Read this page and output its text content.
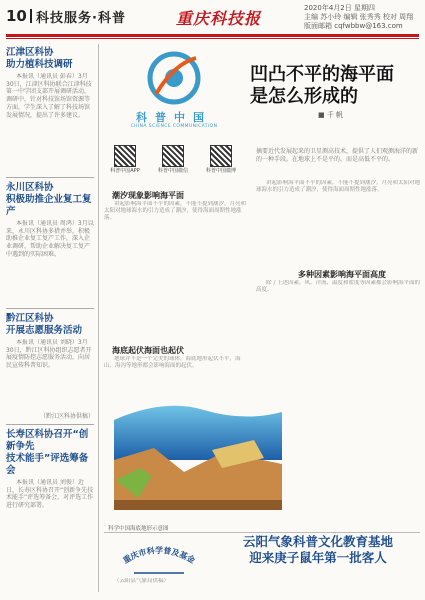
10 科技服务·科普	重庆科技报
2020年4月2日 星期四
主编 苏小玲 编辑 张秀秀 校对 周翔
版面邮箱 cqfwbbw@163.com
江津区科协
助力植科技调研
本报讯（通讯员 彭春）3月30日，江津区科协联合江津科技第一中学团支部开展调研活动，调研中，针对科技馆场馆资源等方面，学生深入了解了科技场馆发展情况，提出了许多建议。
永川区科协
积极助推企业复工复产
本报讯（通讯员 周鸿）3月以来，永川区科协多措并举，积极助推企业复工复产工作，深入企业调研，帮助企业解决复工复产中遇到的实际困难。
黔江区科协
开展志愿服务活动
本报讯（通讯员 刘晓）3月30日，黔江区科协组织志愿者开展疫情防控志愿服务活动，向居民宣传科普知识。
（黔江区科协供稿）
长寿区科协召开“创新争先
技术能手”评选筹备会
本报讯（通讯员 刘俊）近日，长寿区科协召开“创新争先技术能手”评选筹备会，对评选工作进行研究部署。
科普中国
CHINA SCIENCE COMMUNICATION
凹凸不平的海平面
是怎么形成的
■ 千 帆
科普中国APP	科普中国微信	科普中国微博
摘要近代发展起来的卫星测高技术，提供了人们观测海洋的新的一种手段。在地球上不是平的，而是高低不平的。
潮汐现象影响海平面
讲起影响海平面不平的因素，不能不提到潮汐。月亮和太阳对地球海水的引力造成了潮汐，使得海面周期性地涨落。
海底起伏海面也起伏
地球并不是一个完美的球体，海底地形起伏不平，海山、海沟等地形都会影响海面的起伏。
讲起影响海平面不平的因素，不能不提到潮汐。月亮和太阳对地球海水的引力造成了潮汐，使得海面周期性地涨落。
多种因素影响海平面高度
除了上述因素，风、洋流、温度和盐度等因素都会影响海平面的高度。
科学中国海底地形示意图
重庆市科学普及基金
云阳气象科普文化教育基地
迎来庚子鼠年第一批客人
（云阳县气象局供稿）
